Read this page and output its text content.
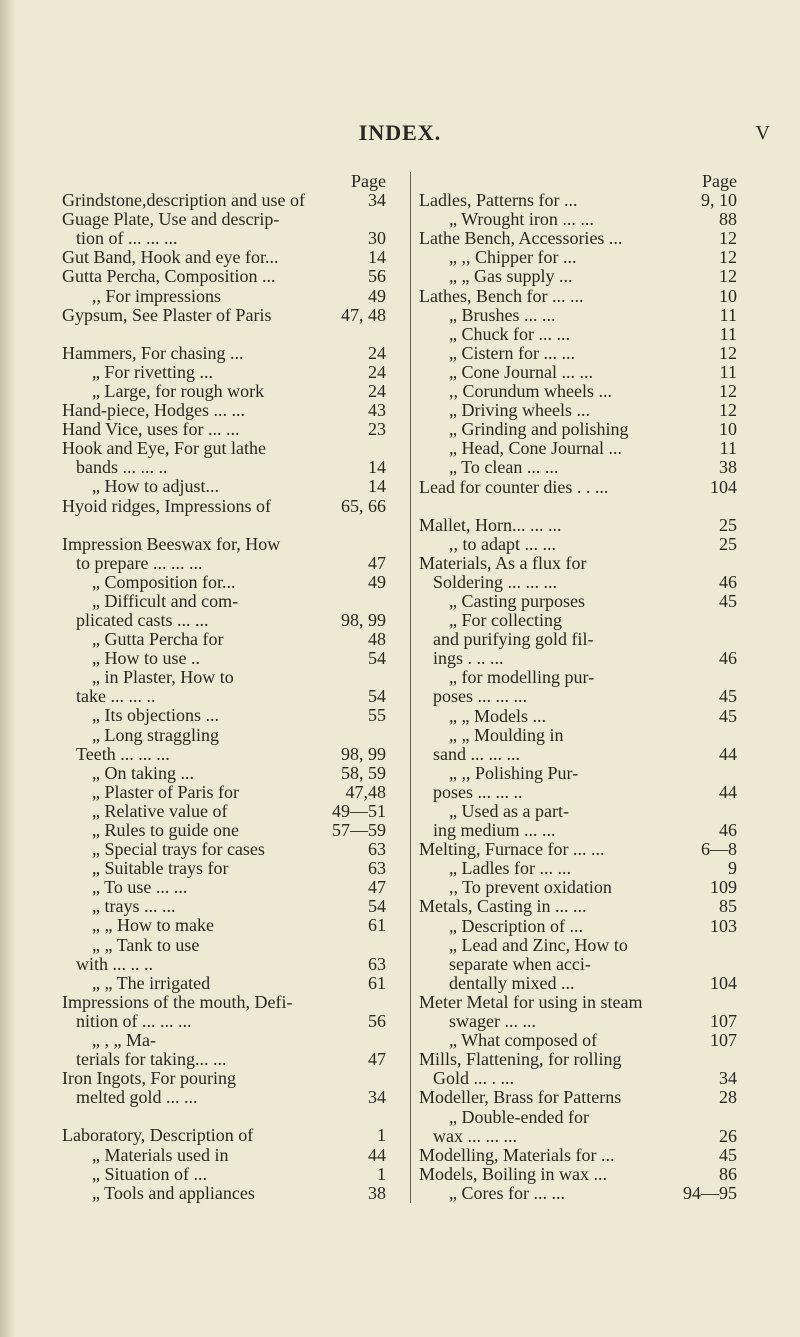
INDEX.	V
Page
Grindstone,description and use of	34
Guage Plate, Use and descrip-
tion of ... ... ...	30
Gut Band, Hook and eye for...	14
Gutta Percha, Composition ...	56
,, For impressions	49
Gypsum, See Plaster of Paris	47, 48
Hammers, For chasing ...	24
„ For rivetting ...	24
„ Large, for rough work	24
Hand-piece, Hodges ... ...	43
Hand Vice, uses for ... ...	23
Hook and Eye, For gut lathe
bands ... ... ..	14
„ How to adjust...	14
Hyoid ridges, Impressions of	65, 66
Impression Beeswax for, How
to prepare ... ... ...	47
„ Composition for...	49
„ Difficult and com-
plicated casts ... ...	98, 99
„ Gutta Percha for	48
„ How to use ..	54
„ in Plaster, How to
take ... ... ..	54
„ Its objections ...	55
„ Long straggling
Teeth ... ... ...	98, 99
„ On taking ...	58, 59
„ Plaster of Paris for	47,48
„ Relative value of	49—51
„ Rules to guide one	57—59
„ Special trays for cases	63
„ Suitable trays for	63
„ To use ... ...	47
„ trays ... ...	54
„ „ How to make	61
„ „ Tank to use
with ... .. ..	63
„ „ The irrigated	61
Impressions of the mouth, Defi-
nition of ... ... ...	56
„ , „ Ma-
terials for taking... ...	47
Iron Ingots, For pouring
melted gold ... ...	34
Laboratory, Description of	1
„ Materials used in	44
„ Situation of ...	1
„ Tools and appliances	38
Page
Ladles, Patterns for ...	9, 10
„ Wrought iron ... ...	88
Lathe Bench, Accessories ...	12
„ ,, Chipper for ...	12
„ „ Gas supply ...	12
Lathes, Bench for ... ...	10
„ Brushes ... ...	11
„ Chuck for ... ...	11
„ Cistern for ... ...	12
„ Cone Journal ... ...	11
,, Corundum wheels ...	12
„ Driving wheels ...	12
„ Grinding and polishing	10
„ Head, Cone Journal ...	11
„ To clean ... ...	38
Lead for counter dies . . ...	104
Mallet, Horn... ... ...	25
,, to adapt ... ...	25
Materials, As a flux for
Soldering ... ... ...	46
„ Casting purposes	45
„ For collecting
and purifying gold fil-
ings . .. ...	46
„ for modelling pur-
poses ... ... ...	45
„ „ Models ...	45
„ „ Moulding in
sand ... ... ...	44
„ ,, Polishing Pur-
poses ... ... ..	44
„ Used as a part-
ing medium ... ...	46
Melting, Furnace for ... ...	6—8
„ Ladles for ... ...	9
,, To prevent oxidation	109
Metals, Casting in ... ...	85
„ Description of ...	103
„ Lead and Zinc, How to
separate when acci-
dentally mixed ...	104
Meter Metal for using in steam
swager ... ...	107
„ What composed of	107
Mills, Flattening, for rolling
Gold ... . ...	34
Modeller, Brass for Patterns	28
„ Double-ended for
wax ... ... ...	26
Modelling, Materials for ...	45
Models, Boiling in wax ...	86
„ Cores for ... ...	94—95
